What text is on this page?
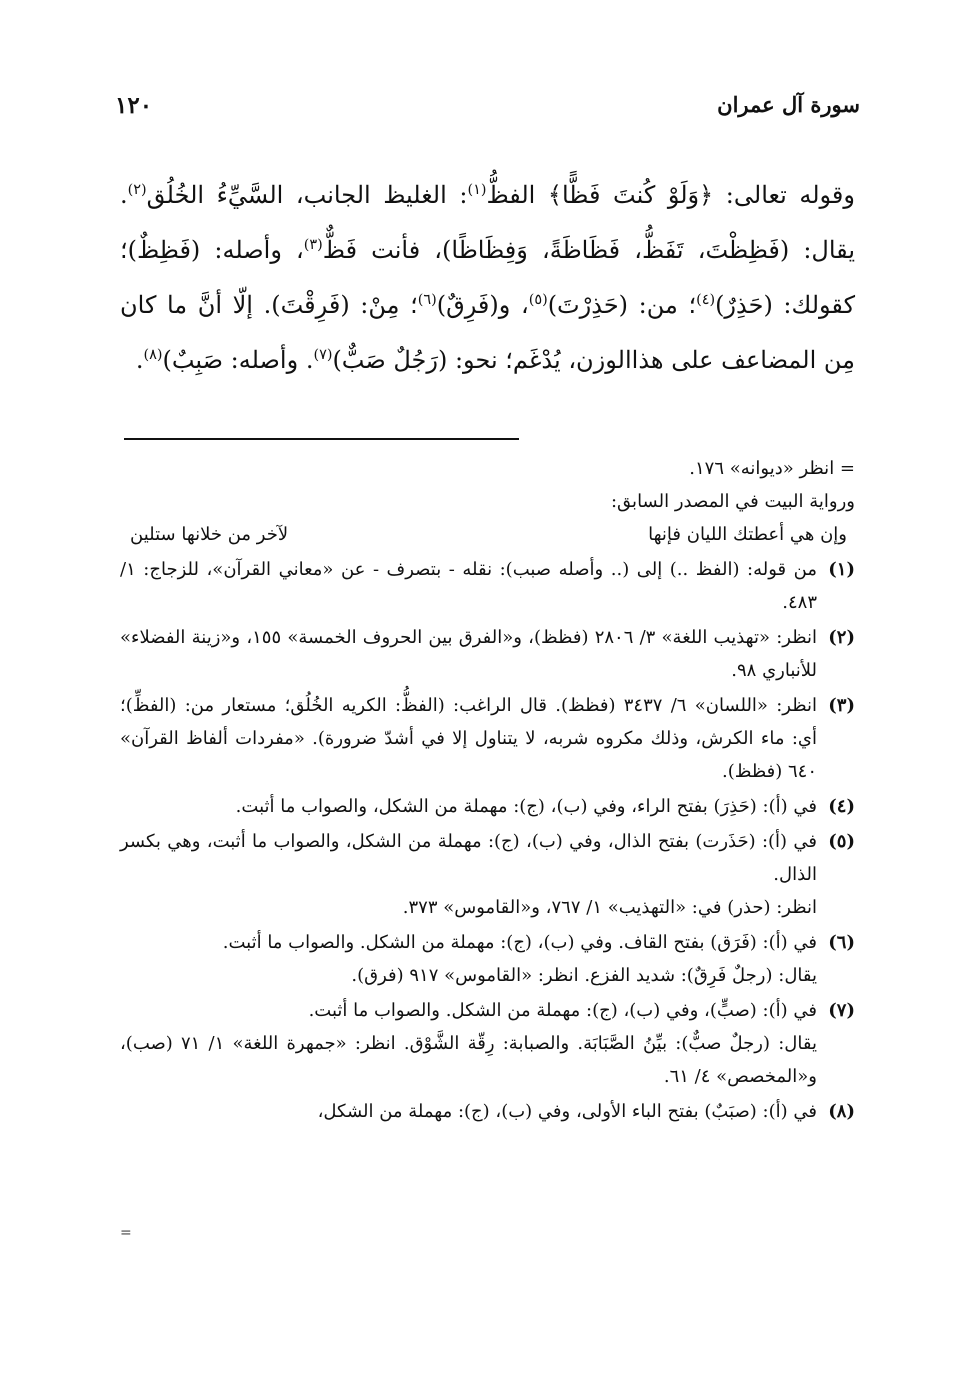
سورة آل عمران
١٢٠
وقوله تعالى: ﴿وَلَوْ كُنتَ فَظًّا﴾ الفظُّ$^{(١)}$: الغليظ الجانب، السَّيِّءُ الخُلُق$^{(٢)}$. يقال: (فَظِظْتَ، تَفَظُّ، فَظَاظَةً، وَفِظَاظًا)، فأنت فَظٌّ$^{(٣)}$، وأصله: (فَظِظٌ)؛ كقولك: (حَذِرٌ)$^{(٤)}$؛ من: (حَذِرْتَ)$^{(٥)}$، و(فَرِقٌ)$^{(٦)}$؛ مِنْ: (فَرِقْتَ). إلّا أنَّ ما كان مِن المضاعف على هذاالوزن، يُدْغَم؛ نحو: (رَجُلٌ صَبٌّ)$^{(٧)}$. وأصله: صَبِبٌ)$^{(٨)}$.

= انظر «ديوانه» ١٧٦.

ورواية البيت في المصدر السابق:

وإن هي أعطتك الليان فإنها
لآخر من خلانها ستلين
(١)

من قوله: (الفظ ..) إلى (.. وأصله صبب): نقله - بتصرف - عن «معاني القرآن»، للزجاج: ١/ ٤٨٣.

(٢)

انظر: «تهذيب اللغة» ٣/ ٢٨٠٦ (فظظ)، و«الفرق بين الحروف الخمسة» ١٥٥، و«زينة الفضلاء» للأنباري ٩٨.

(٣)

انظر: «اللسان» ٦/ ٣٤٣٧ (فظظ). قال الراغب: (الفظُّ: الكريه الخُلُق؛ مستعار من: (الفظِّ)؛ أي: ماء الكرش، وذلك مكروه شربه، لا يتناول إلا في أشدّ ضرورة). «مفردات ألفاظ القرآن» ٦٤٠ (فظظ).

(٤)

في (أ): (حَذِرَ) بفتح الراء، وفي (ب)، (ج): مهملة من الشكل، والصواب ما أثبت.

(٥)

في (أ): (حَذَرت) بفتح الذال، وفي (ب)، (ج): مهملة من الشكل، والصواب ما أثبت، وهي بكسر الذال.

انظر: (حذر) في: «التهذيب» ١/ ٧٦٧، و«القاموس» ٣٧٣.

(٦)

في (أ): (فَرَق) بفتح القاف. وفي (ب)، (ج): مهملة من الشكل. والصواب ما أثبت.

يقال: (رجلٌ فَرِقٌ): شديد الفزع. انظر: «القاموس» ٩١٧ (فرق).

(٧)

في (أ): (صبٍّ)، وفي (ب)، (ج): مهملة من الشكل. والصواب ما أثبت.

يقال: (رجلٌ صبٌّ): بيِّنُ الصَّبَابَة. والصبابة: رِقّة الشَّوْق. انظر: «جمهرة اللغة» ١/ ٧١ (صب)، و«المخصص» ٤/ ٦١.

(٨)

في (أ): (صبَبٌ) بفتح الباء الأولى، وفي (ب)، (ج): مهملة من الشكل،

=
